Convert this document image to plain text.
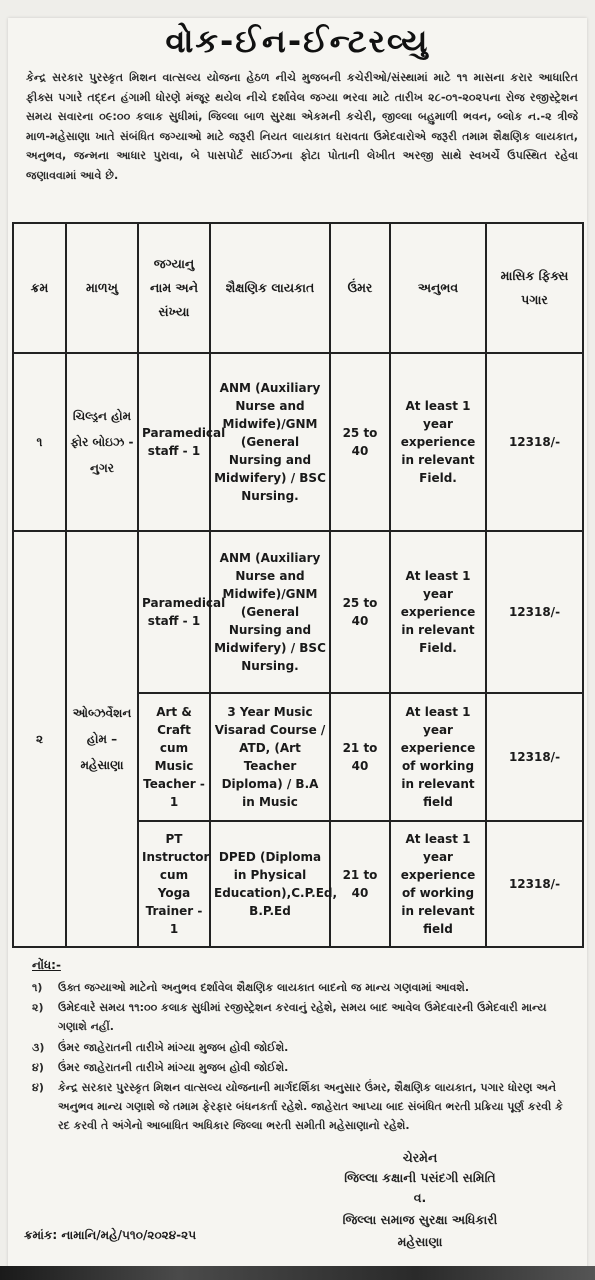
વોક-ઈન-ઈન્ટરવ્યુ
કેન્દ્ર સરકાર પુરસ્કૃત મિશન વાત્સલ્ય યોજના હેઠળ નીચે મુજબની કચેરીઓ/સંસ્થામાં માટે ૧૧ માસના કરાર આધારિત ફીક્સ પગારે તદ્દન હંગામી ધોરણે મંજૂર થયેલ નીચે દર્શાવેલ જગ્યા ભરવા માટે તારીખ ૨૮-૦૧-૨૦૨૫ના રોજ રજીસ્ટ્રેશન સમય સવારના ૦૯:૦૦ કલાક સુધીમાં, જિલ્લા બાળ સુરક્ષા એકમની કચેરી, જીલ્લા બહુમાળી ભવન, બ્લોક ન.-૨ ત્રીજે માળ-મહેસાણા ખાતે સંબંધિત જગ્યાઓ માટે જરૂરી નિયત લાયકાત ધરાવતા ઉમેદવારોએ જરૂરી તમામ શૈક્ષણિક લાયકાત, અનુભવ, જન્મના આધાર પુરાવા, બે પાસપોર્ટ સાઈઝના ફોટા પોતાની લેખીત અરજી સાથે સ્વખર્ચે ઉપસ્થિત રહેવા જણાવવામાં આવે છે.
ક્રમ	માળખુ	જગ્યાનુ નામ અને સંખ્યા	શૈક્ષણિક લાયકાત	ઉંમર	અનુભવ	માસિક ફિક્સ પગાર
૧	ચિલ્ડ્રન હોમ ફોર બોઇઝ - નુગર	Paramedical staff - 1	ANM (Auxiliary Nurse and Midwife)/GNM (General Nursing and Midwifery) / BSC Nursing.	25 to 40	At least 1 year experience in relevant Field.	12318/-
૨	ઓબ્ઝર્વેશન હોમ – મહેસાણા	Paramedical staff - 1	ANM (Auxiliary Nurse and Midwife)/GNM (General Nursing and Midwifery) / BSC Nursing.	25 to 40	At least 1 year experience in relevant Field.	12318/-
		Art & Craft cum Music Teacher - 1	3 Year Music Visarad Course / ATD, (Art Teacher Diploma) / B.A in Music	21 to 40	At least 1 year experience of working in relevant field	12318/-
		PT Instructor cum Yoga Trainer - 1	DPED (Diploma in Physical Education),C.P.Ed, B.P.Ed	21 to 40	At least 1 year experience of working in relevant field	12318/-
નોંધ:-
૧) ઉક્ત જગ્યાઓ માટેનો અનુભવ દર્શાવેલ શૈક્ષણિક લાયકાત બાદનો જ માન્ય ગણવામાં આવશે.
૨) ઉમેદવારે સમય ૧૧:૦૦ કલાક સુધીમાં રજીસ્ટ્રેશન કરવાનું રહેશે, સમય બાદ આવેલ ઉમેદવારની ઉમેદવારી માન્ય ગણાશે નહીં.
૩) ઉંમર જાહેરાતની તારીખે માંગ્યા મુજબ હોવી જોઈશે.
૪) ઉંમર જાહેરાતની તારીખે માંગ્યા મુજબ હોવી જોઈશે.
૪) કેન્દ્ર સરકાર પુરસ્કૃત મિશન વાત્સલ્ય યોજનાની માર્ગદર્શિકા અનુસાર ઉંમર, શૈક્ષણિક લાયકાત, પગાર ધોરણ અને અનુભવ માન્ય ગણાશે જે તમામ ફેરફાર બંધનકર્તા રહેશે. જાહેરાત આપ્યા બાદ સંબંધિત ભરતી પ્રક્રિયા પૂર્ણ કરવી કે રદ કરવી તે અંગેનો આબાધિત અધિકાર જિલ્લા ભરતી સમીતી મહેસાણાનો રહેશે.
ચેરમેન
જિલ્લા કક્ષાની પસંદગી સમિતિ
વ.
જિલ્લા સમાજ સુરક્ષા અધિકારી
મહેસાણા
ક્રમાંક: નામાનિ/મહે/૫૧૦/૨૦૨૪-૨૫
